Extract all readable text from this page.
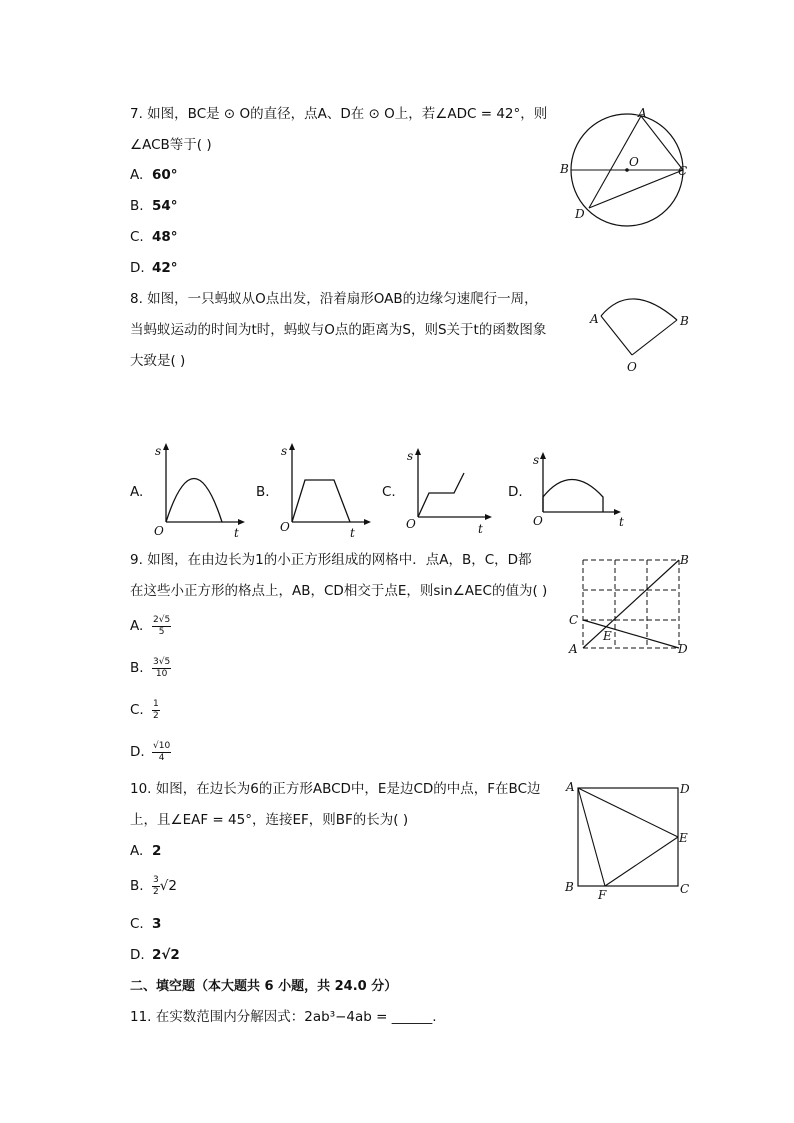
7. 如图，BC是 ⊙ O的直径，点A、D在 ⊙ O上，若∠ADC = 42°，则
∠ACB等于( )
A. 60°
B. 54°
C. 48°
D. 42°
A
B	C
D
O
8. 如图，一只蚂蚁从O点出发，沿着扇形OAB的边缘匀速爬行一周，
当蚂蚁运动的时间为t时，蚂蚁与O点的距离为S，则S关于t的函数图象
大致是( )
A	B
O
A.
s
t
O
B.
s
t
O
C.
s
t
O
D.
s
t
O
9. 如图，在由边长为1的小正方形组成的网格中．点A，B，C，D都
在这些小正方形的格点上，AB，CD相交于点E，则sin∠AEC的值为( )
A. $\frac{2√5}{5}$
B. $\frac{3√5}{10}$
C. $\frac{1}{2}$
D. $\frac{√10}{4}$
B
C
A	D
E
10. 如图，在边长为6的正方形ABCD中，E是边CD的中点，F在BC边
上，且∠EAF = 45°，连接EF，则BF的长为( )
A. 2
B. $\frac{3}{2} √2$
C. 3
D. 2√2
A	D
E
B	C
F
二、填空题（本大题共 6 小题，共 24.0 分）
11. 在实数范围内分解因式：2ab³−4ab = ______.
